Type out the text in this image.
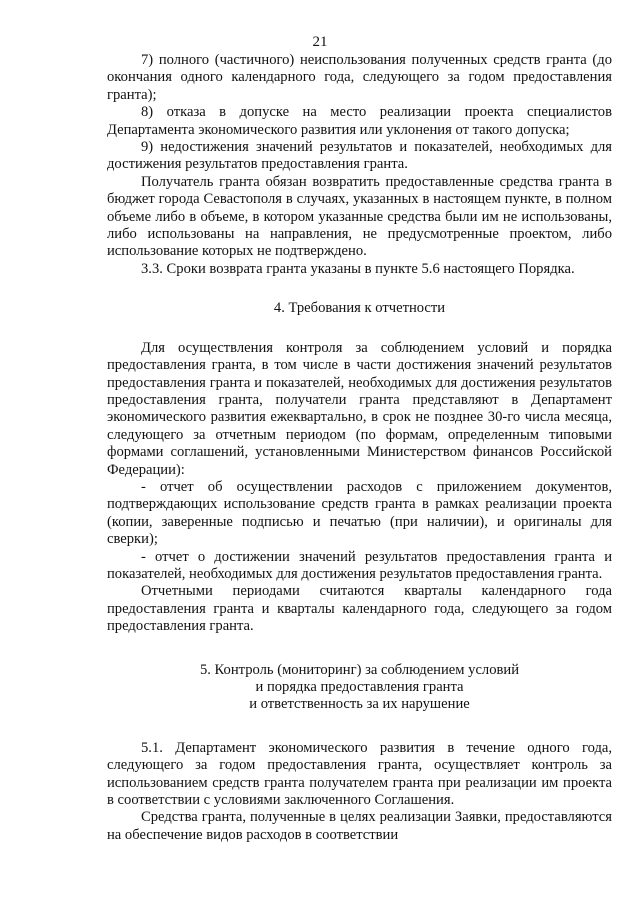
21

7) полного (частичного) неиспользования полученных средств гранта (до окончания одного календарного года, следующего за годом предоставления гранта);

8) отказа в допуске на место реализации проекта специалистов Департамента экономического развития или уклонения от такого допуска;

9) недостижения значений результатов и показателей, необходимых для достижения результатов предоставления гранта.

Получатель гранта обязан возвратить предоставленные средства гранта в бюджет города Севастополя в случаях, указанных в настоящем пункте, в полном объеме либо в объеме, в котором указанные средства были им не использованы, либо использованы на направления, не предусмотренные проектом, либо использование которых не подтверждено.

3.3. Сроки возврата гранта указаны в пункте 5.6 настоящего Порядка.

4. Требования к отчетности

Для осуществления контроля за соблюдением условий и порядка предоставления гранта, в том числе в части достижения значений результатов предоставления гранта и показателей, необходимых для достижения результатов предоставления гранта, получатели гранта представляют в Департамент экономического развития ежеквартально, в срок не позднее 30-го числа месяца, следующего за отчетным периодом (по формам, определенным типовыми формами соглашений, установленными Министерством финансов Российской Федерации):

- отчет об осуществлении расходов с приложением документов, подтверждающих использование средств гранта в рамках реализации проекта (копии, заверенные подписью и печатью (при наличии), и оригиналы для сверки);

- отчет о достижении значений результатов предоставления гранта и показателей, необходимых для достижения результатов предоставления гранта.

Отчетными периодами считаются кварталы календарного года предоставления гранта и кварталы календарного года, следующего за годом предоставления гранта.

5. Контроль (мониторинг) за соблюдением условий

и порядка предоставления гранта

и ответственность за их нарушение

5.1. Департамент экономического развития в течение одного года, следующего за годом предоставления гранта, осуществляет контроль за использованием средств гранта получателем гранта при реализации им проекта в соответствии с условиями заключенного Соглашения.

Средства гранта, полученные в целях реализации Заявки, предоставляются на обеспечение видов расходов в соответствии
